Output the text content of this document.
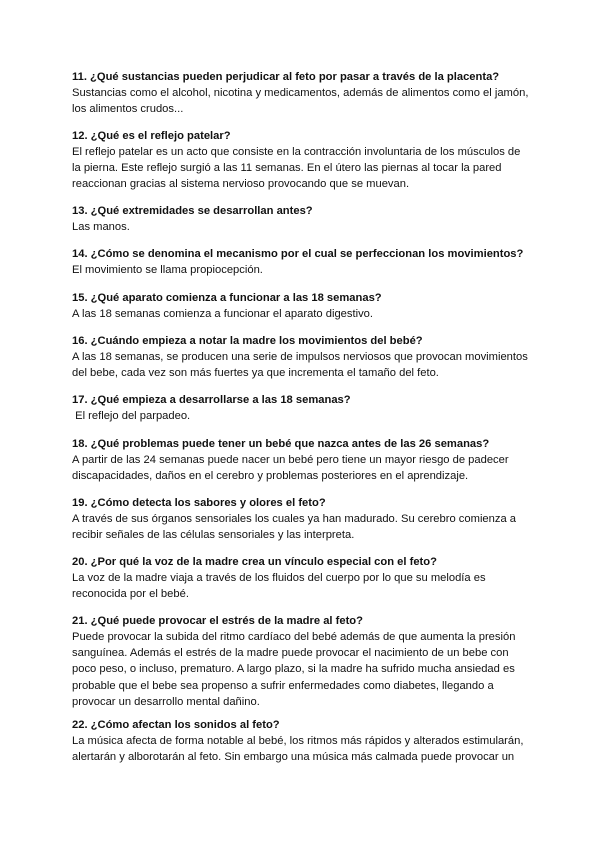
11. ¿Qué sustancias pueden perjudicar al feto por pasar a través de la placenta?
Sustancias como el alcohol, nicotina y medicamentos, además de alimentos como el jamón,
los alimentos crudos...
12. ¿Qué es el reflejo patelar?
El reflejo patelar es un acto que consiste en la contracción involuntaria de los músculos de
la pierna. Este reflejo surgió a las 11 semanas. En el útero las piernas al tocar la pared
reaccionan gracias al sistema nervioso provocando que se muevan.
13. ¿Qué extremidades se desarrollan antes?
Las manos.
14. ¿Cómo se denomina el mecanismo por el cual se perfeccionan los movimientos?
El movimiento se llama propiocepción.
15. ¿Qué aparato comienza a funcionar a las 18 semanas?
A las 18 semanas comienza a funcionar el aparato digestivo.
16. ¿Cuándo empieza a notar la madre los movimientos del bebé?
A las 18 semanas, se producen una serie de impulsos nerviosos que provocan movimientos
del bebe, cada vez son más fuertes ya que incrementa el tamaño del feto.
17. ¿Qué empieza a desarrollarse a las 18 semanas?
El reflejo del parpadeo.
18. ¿Qué problemas puede tener un bebé que nazca antes de las 26 semanas?
A partir de las 24 semanas puede nacer un bebé pero tiene un mayor riesgo de padecer
discapacidades, daños en el cerebro y problemas posteriores en el aprendizaje.
19. ¿Cómo detecta los sabores y olores el feto?
A través de sus órganos sensoriales los cuales ya han madurado. Su cerebro comienza a
recibir señales de las células sensoriales y las interpreta.
20. ¿Por qué la voz de la madre crea un vínculo especial con el feto?
La voz de la madre viaja a través de los fluidos del cuerpo por lo que su melodía es
reconocida por el bebé.
21. ¿Qué puede provocar el estrés de la madre al feto?
Puede provocar la subida del ritmo cardíaco del bebé además de que aumenta la presión
sanguínea. Además el estrés de la madre puede provocar el nacimiento de un bebe con
poco peso, o incluso, prematuro. A largo plazo, si la madre ha sufrido mucha ansiedad es
probable que el bebe sea propenso a sufrir enfermedades como diabetes, llegando a
provocar un desarrollo mental dañino.
22. ¿Cómo afectan los sonidos al feto?
La música afecta de forma notable al bebé, los ritmos más rápidos y alterados estimularán,
alertarán y alborotarán al feto. Sin embargo una música más calmada puede provocar un
